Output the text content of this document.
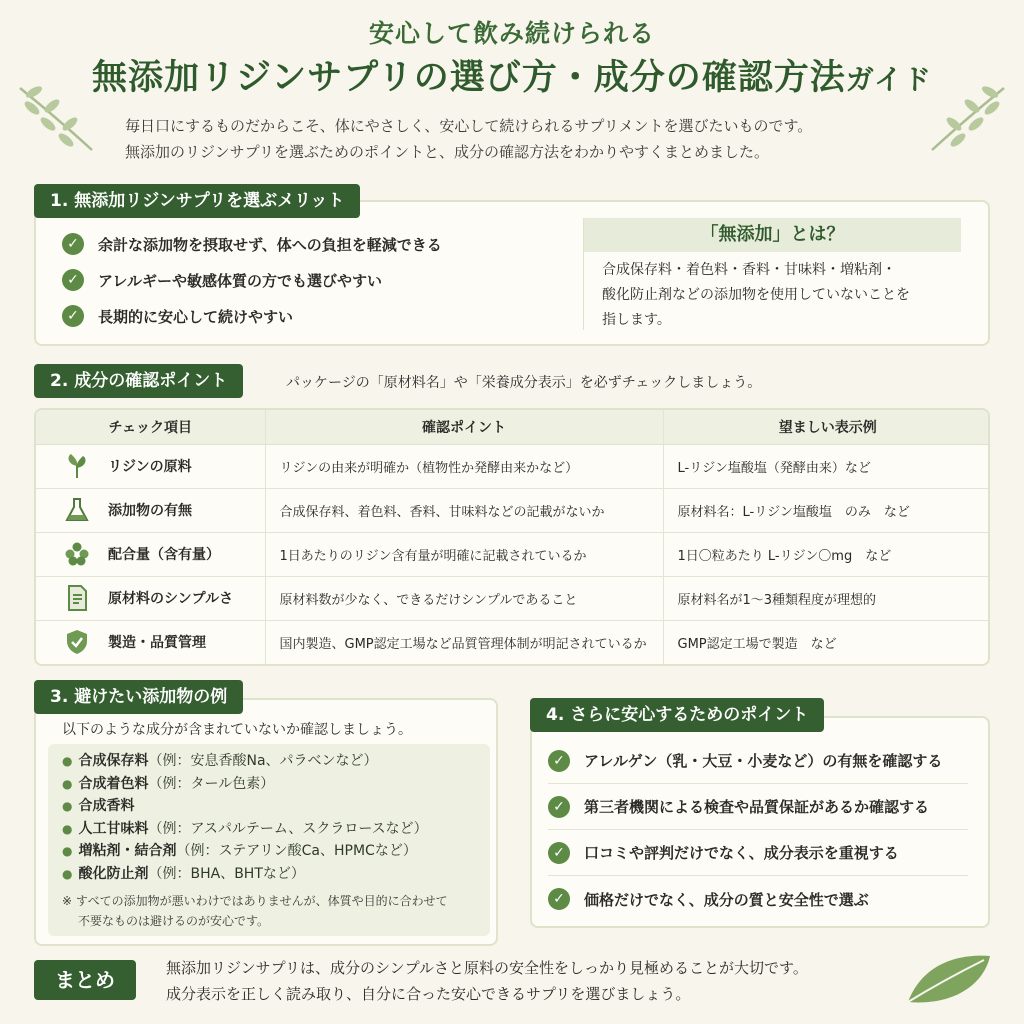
安心して飲み続けられる
無添加リジンサプリの選び方・成分の確認方法ガイド
毎日口にするものだからこそ、体にやさしく、安心して続けられるサプリメントを選びたいものです。
無添加のリジンサプリを選ぶためのポイントと、成分の確認方法をわかりやすくまとめました。
1. 無添加リジンサプリを選ぶメリット
✓	余計な添加物を摂取せず、体への負担を軽減できる
✓	アレルギーや敏感体質の方でも選びやすい
✓	長期的に安心して続けやすい
「無添加」とは？
合成保存料・着色料・香料・甘味料・増粘剤・
酸化防止剤などの添加物を使用していないことを
指します。
2. 成分の確認ポイント	パッケージの「原材料名」や「栄養成分表示」を必ずチェックしましょう。
チェック項目	確認ポイント	望ましい表示例

リジンの原料	リジンの由来が明確か（植物性か発酵由来かなど）	L-リジン塩酸塩（発酵由来）など

添加物の有無	合成保存料、着色料、香料、甘味料などの記載がないか	原材料名：L-リジン塩酸塩　のみ　など

配合量（含有量）	1日あたりのリジン含有量が明確に記載されているか	1日〇粒あたり L-リジン〇mg　など

原材料のシンプルさ	原材料数が少なく、できるだけシンプルであること	原材料名が1〜3種類程度が理想的

製造・品質管理	国内製造、GMP認定工場など品質管理体制が明記されているか	GMP認定工場で製造　など
3. 避けたい添加物の例
以下のような成分が含まれていないか確認しましょう。
● 合成保存料（例：安息香酸Na、パラベンなど）
● 合成着色料（例：タール色素）
● 合成香料
● 人工甘味料（例：アスパルテーム、スクラロースなど）
● 増粘剤・結合剤（例：ステアリン酸Ca、HPMCなど）
● 酸化防止剤（例：BHA、BHTなど）
※ すべての添加物が悪いわけではありませんが、体質や目的に合わせて
不要なものは避けるのが安心です。
4. さらに安心するためのポイント
✓	アレルゲン（乳・大豆・小麦など）の有無を確認する
✓	第三者機関による検査や品質保証があるか確認する
✓	口コミや評判だけでなく、成分表示を重視する
✓	価格だけでなく、成分の質と安全性で選ぶ
まとめ	無添加リジンサプリは、成分のシンプルさと原料の安全性をしっかり見極めることが大切です。
成分表示を正しく読み取り、自分に合った安心できるサプリを選びましょう。
